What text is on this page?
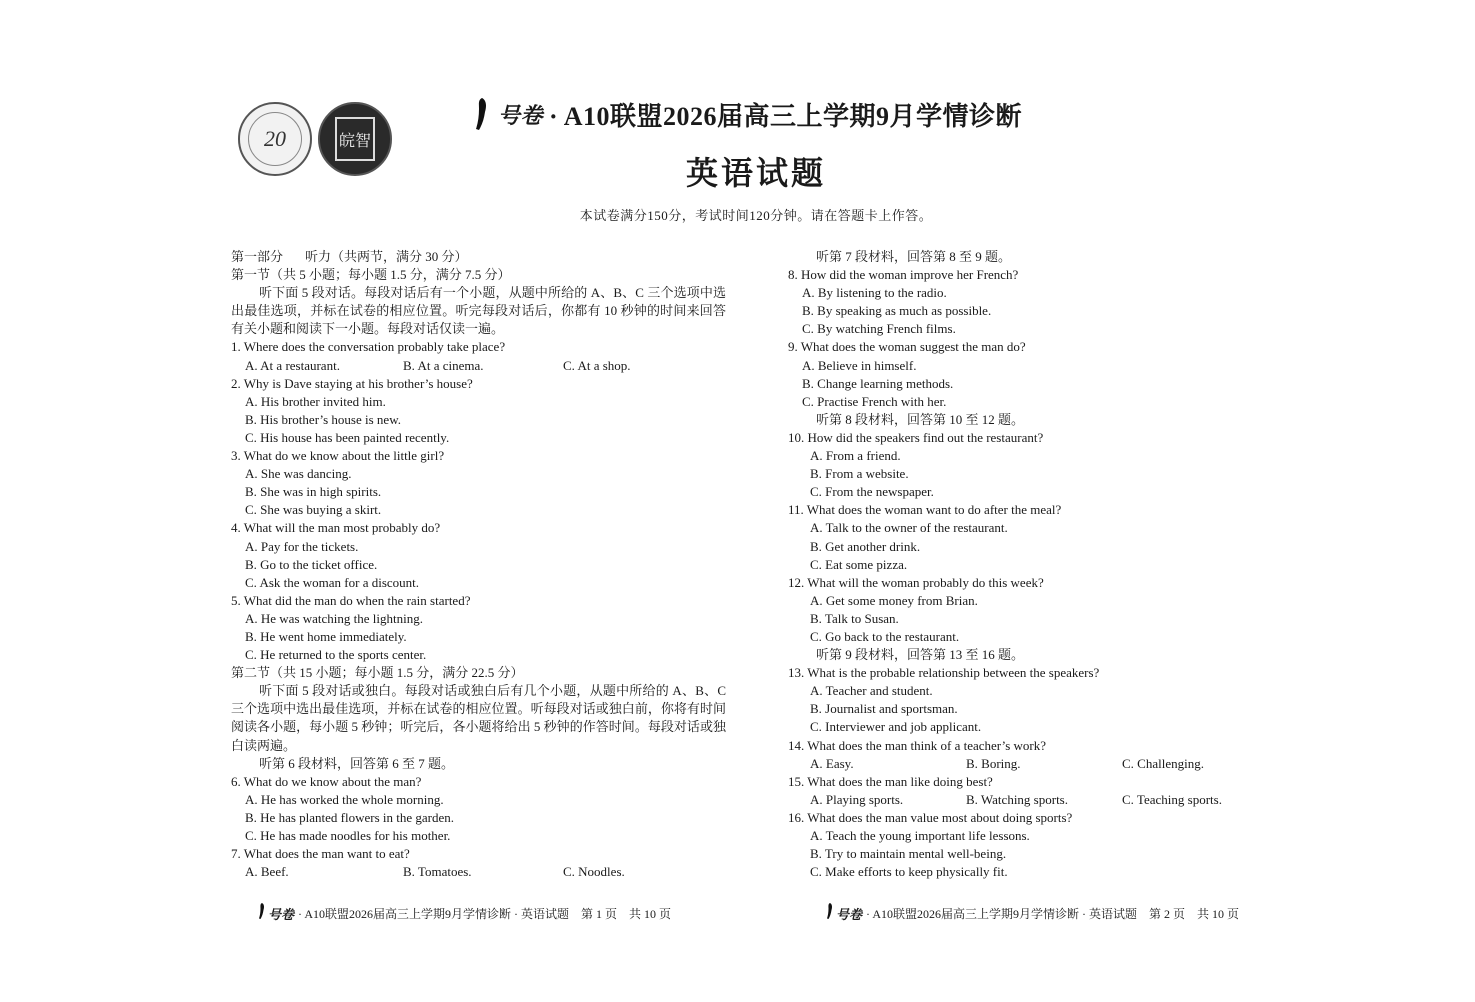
20	皖智
号卷 · A10联盟2026届高三上学期9月学情诊断
英语试题
本试卷满分150分，考试时间120分钟。请在答题卡上作答。
第一部分 听力（共两节，满分 30 分）
第一节（共 5 小题；每小题 1.5 分，满分 7.5 分）
听下面 5 段对话。每段对话后有一个小题，从题中所给的 A、B、C 三个选项中选出最佳选项，并标在试卷的相应位置。听完每段对话后，你都有 10 秒钟的时间来回答有关小题和阅读下一小题。每段对话仅读一遍。
1. Where does the conversation probably take place?
A. At a restaurant.	B. At a cinema.	C. At a shop.
2. Why is Dave staying at his brother’s house?
A. His brother invited him.
B. His brother’s house is new.
C. His house has been painted recently.
3. What do we know about the little girl?
A. She was dancing.
B. She was in high spirits.
C. She was buying a skirt.
4. What will the man most probably do?
A. Pay for the tickets.
B. Go to the ticket office.
C. Ask the woman for a discount.
5. What did the man do when the rain started?
A. He was watching the lightning.
B. He went home immediately.
C. He returned to the sports center.
第二节（共 15 小题；每小题 1.5 分，满分 22.5 分）
听下面 5 段对话或独白。每段对话或独白后有几个小题，从题中所给的 A、B、C 三个选项中选出最佳选项，并标在试卷的相应位置。听每段对话或独白前，你将有时间阅读各小题，每小题 5 秒钟；听完后，各小题将给出 5 秒钟的作答时间。每段对话或独白读两遍。
听第 6 段材料，回答第 6 至 7 题。
6. What do we know about the man?
A. He has worked the whole morning.
B. He has planted flowers in the garden.
C. He has made noodles for his mother.
7. What does the man want to eat?
A. Beef.	B. Tomatoes.	C. Noodles.
听第 7 段材料，回答第 8 至 9 题。
8. How did the woman improve her French?
A. By listening to the radio.
B. By speaking as much as possible.
C. By watching French films.
9. What does the woman suggest the man do?
A. Believe in himself.
B. Change learning methods.
C. Practise French with her.
听第 8 段材料，回答第 10 至 12 题。
10. How did the speakers find out the restaurant?
A. From a friend.
B. From a website.
C. From the newspaper.
11. What does the woman want to do after the meal?
A. Talk to the owner of the restaurant.
B. Get another drink.
C. Eat some pizza.
12. What will the woman probably do this week?
A. Get some money from Brian.
B. Talk to Susan.
C. Go back to the restaurant.
听第 9 段材料，回答第 13 至 16 题。
13. What is the probable relationship between the speakers?
A. Teacher and student.
B. Journalist and sportsman.
C. Interviewer and job applicant.
14. What does the man think of a teacher’s work?
A. Easy.	B. Boring.	C. Challenging.
15. What does the man like doing best?
A. Playing sports.	B. Watching sports.	C. Teaching sports.
16. What does the man value most about doing sports?
A. Teach the young important life lessons.
B. Try to maintain mental well-being.
C. Make efforts to keep physically fit.
号卷 · A10联盟2026届高三上学期9月学情诊断 · 英语试题　第 1 页　共 10 页	号卷 · A10联盟2026届高三上学期9月学情诊断 · 英语试题　第 2 页　共 10 页
